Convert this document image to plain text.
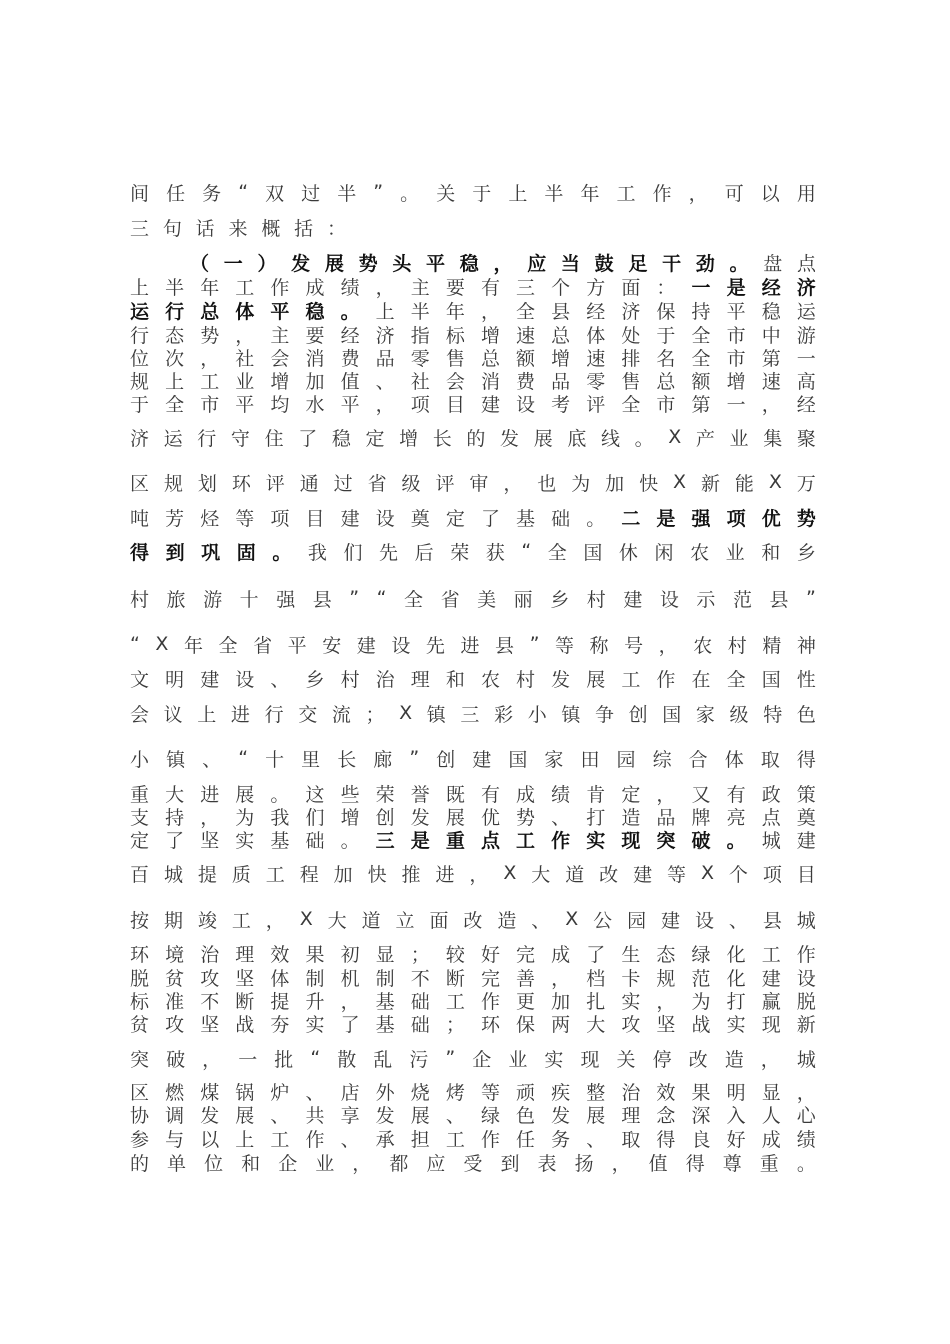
间 任 务 “ 双 过 半 ” 。 关 于 上 半 年 工 作 ， 可 以 用
三 句 话 来 概 括 ：
（ 一 ） 发 展 势 头 平 稳 ， 应 当 鼓 足 干 劲 。 盘 点
上 半 年 工 作 成 绩 ， 主 要 有 三 个 方 面 ： 一 是 经 济
运 行 总 体 平 稳 。 上 半 年 ， 全 县 经 济 保 持 平 稳 运
行 态 势 ， 主 要 经 济 指 标 增 速 总 体 处 于 全 市 中 游
位 次 ， 社 会 消 费 品 零 售 总 额 增 速 排 名 全 市 第 一
规 上 工 业 增 加 值 、 社 会 消 费 品 零 售 总 额 增 速 高
于 全 市 平 均 水 平 ， 项 目 建 设 考 评 全 市 第 一 ， 经
济 运 行 守 住 了 稳 定 增 长 的 发 展 底 线 。 X 产 业 集 聚
区 规 划 环 评 通 过 省 级 评 审 ， 也 为 加 快 X 新 能 X 万
吨 芳 烃 等 项 目 建 设 奠 定 了 基 础 。 二 是 强 项 优 势
得 到 巩 固 。 我 们 先 后 荣 获 “ 全 国 休 闲 农 业 和 乡
村 旅 游 十 强 县 ” “ 全 省 美 丽 乡 村 建 设 示 范 县 ”
“ X 年 全 省 平 安 建 设 先 进 县 ” 等 称 号 ， 农 村 精 神
文 明 建 设 、 乡 村 治 理 和 农 村 发 展 工 作 在 全 国 性
会 议 上 进 行 交 流 ； X 镇 三 彩 小 镇 争 创 国 家 级 特 色
小 镇 、 “ 十 里 长 廊 ” 创 建 国 家 田 园 综 合 体 取 得
重 大 进 展 。 这 些 荣 誉 既 有 成 绩 肯 定 ， 又 有 政 策
支 持 ， 为 我 们 增 创 发 展 优 势 、 打 造 品 牌 亮 点 奠
定 了 坚 实 基 础 。 三 是 重 点 工 作 实 现 突 破 。 城 建
百 城 提 质 工 程 加 快 推 进 ， X 大 道 改 建 等 X 个 项 目
按 期 竣 工 ， X 大 道 立 面 改 造 、 X 公 园 建 设 、 县 城
环 境 治 理 效 果 初 显 ； 较 好 完 成 了 生 态 绿 化 工 作
脱 贫 攻 坚 体 制 机 制 不 断 完 善 ， 档 卡 规 范 化 建 设
标 准 不 断 提 升 ， 基 础 工 作 更 加 扎 实 ， 为 打 赢 脱
贫 攻 坚 战 夯 实 了 基 础 ； 环 保 两 大 攻 坚 战 实 现 新
突 破 ， 一 批 “ 散 乱 污 ” 企 业 实 现 关 停 改 造 ， 城
区 燃 煤 锅 炉 、 店 外 烧 烤 等 顽 疾 整 治 效 果 明 显 ，
协 调 发 展 、 共 享 发 展 、 绿 色 发 展 理 念 深 入 人 心
参 与 以 上 工 作 、 承 担 工 作 任 务 、 取 得 良 好 成 绩
的 单 位 和 企 业 ， 都 应 受 到 表 扬 ， 值 得 尊 重 。
